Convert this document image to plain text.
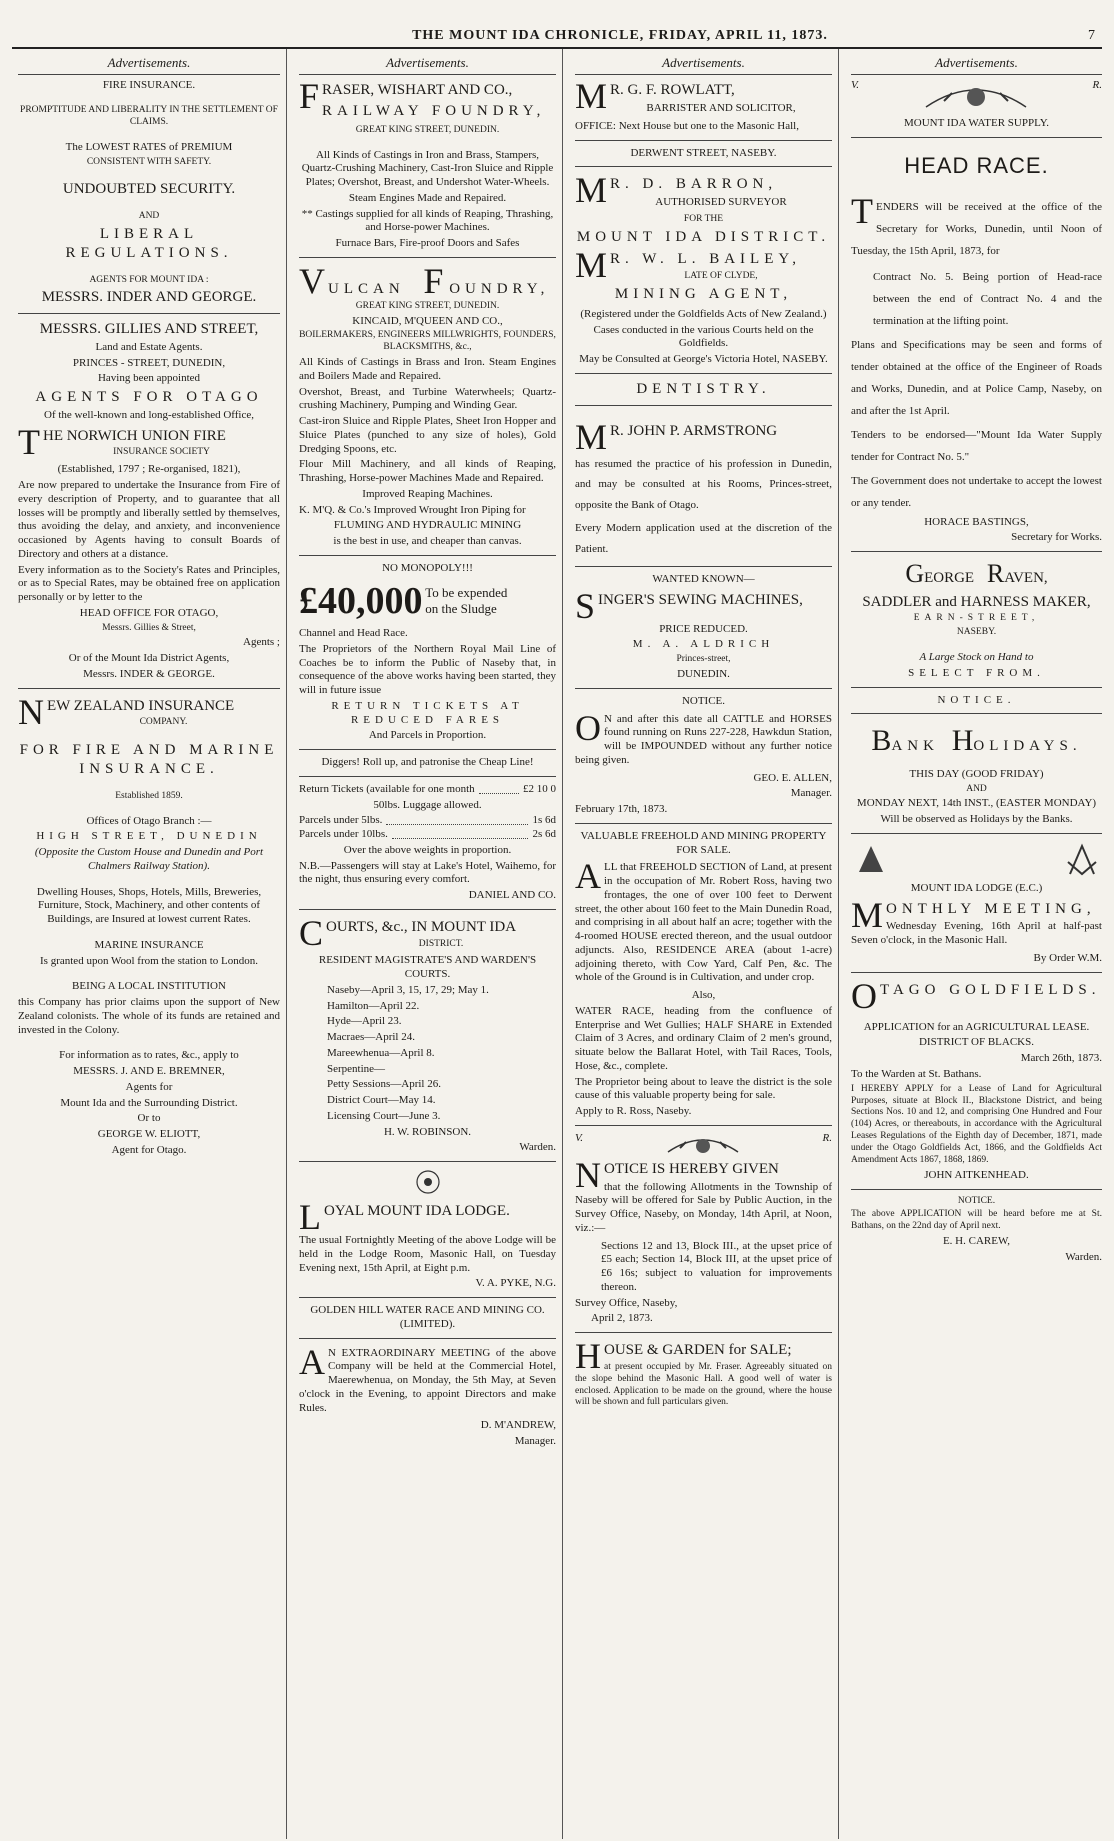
THE MOUNT IDA CHRONICLE, FRIDAY, APRIL 11, 1873.	7
Advertisements.

FIRE INSURANCE.

PROMPTITUDE AND LIBERALITY IN THE SETTLEMENT OF CLAIMS.

The LOWEST RATES of PREMIUM

CONSISTENT WITH SAFETY.

UNDOUBTED SECURITY.

AND

LIBERAL REGULATIONS.

AGENTS FOR MOUNT IDA :

MESSRS. INDER AND GEORGE.

MESSRS. GILLIES AND STREET,

Land and Estate Agents.

PRINCES - STREET, DUNEDIN,

Having been appointed

AGENTS FOR OTAGO

Of the well-known and long-established Office,

T HE NORWICH UNION FIRE

INSURANCE SOCIETY

(Established, 1797 ; Re-organised, 1821),

Are now prepared to undertake the Insurance from Fire of every description of Property, and to guarantee that all losses will be promptly and liberally settled by themselves, thus avoiding the delay, and anxiety, and inconvenience occasioned by Agents having to consult Boards of Directory and others at a distance.

Every information as to the Society's Rates and Principles, or as to Special Rates, may be obtained free on application personally or by letter to the

HEAD OFFICE FOR OTAGO,

Messrs. Gillies & Street,

Agents ;

Or of the Mount Ida District Agents,

Messrs. INDER & GEORGE.

N EW ZEALAND INSURANCE

COMPANY.

FOR FIRE AND MARINE INSURANCE.

Established 1859.

Offices of Otago Branch :—

HIGH STREET, DUNEDIN

(Opposite the Custom House and Dunedin and Port Chalmers Railway Station).

Dwelling Houses, Shops, Hotels, Mills, Breweries, Furniture, Stock, Machinery, and other contents of Buildings, are Insured at lowest current Rates.

MARINE INSURANCE

Is granted upon Wool from the station to London.

BEING A LOCAL INSTITUTION

this Company has prior claims upon the support of New Zealand colonists. The whole of its funds are retained and invested in the Colony.

For information as to rates, &c., apply to

MESSRS. J. AND E. BREMNER,

Agents for

Mount Ida and the Surrounding District.

Or to

GEORGE W. ELIOTT,

Agent for Otago.

Advertisements.
F RASER, WISHART AND CO.,

RAILWAY FOUNDRY,

GREAT KING STREET, DUNEDIN.

All Kinds of Castings in Iron and Brass, Stampers, Quartz-Crushing Machinery, Cast-Iron Sluice and Ripple Plates; Overshot, Breast, and Undershot Water-Wheels.

Steam Engines Made and Repaired.

** Castings supplied for all kinds of Reaping, Thrashing, and Horse-power Machines.

Furnace Bars, Fire-proof Doors and Safes

V ULCAN F OUNDRY,

GREAT KING STREET, DUNEDIN.

KINCAID, M'QUEEN AND CO.,

BOILERMAKERS, ENGINEERS MILLWRIGHTS, FOUNDERS, BLACKSMITHS, &c.,

All Kinds of Castings in Brass and Iron. Steam Engines and Boilers Made and Repaired.

Overshot, Breast, and Turbine Waterwheels; Quartz-crushing Machinery, Pumping and Winding Gear.

Cast-iron Sluice and Ripple Plates, Sheet Iron Hopper and Sluice Plates (punched to any size of holes), Gold Dredging Spoons, etc.

Flour Mill Machinery, and all kinds of Reaping, Thrashing, Horse-power Machines Made and Repaired.

Improved Reaping Machines.

K. M'Q. & Co.'s Improved Wrought Iron Piping for

FLUMING AND HYDRAULIC MINING

is the best in use, and cheaper than canvas.

NO MONOPOLY!!!

£40,000 To be expended on the Sludge

Channel and Head Race.

The Proprietors of the Northern Royal Mail Line of Coaches be to inform the Public of Naseby that, in consequence of the above works having been started, they will in future issue

RETURN TICKETS AT REDUCED FARES

And Parcels in Proportion.

Diggers! Roll up, and patronise the Cheap Line!

Return Tickets (available for one month	£2 10 0

50lbs. Luggage allowed.

Parcels under 5lbs.	1s 6d
Parcels under 10lbs.	2s 6d

Over the above weights in proportion.

N.B.—Passengers will stay at Lake's Hotel, Waihemo, for the night, thus ensuring every comfort.

DANIEL AND CO.

C OURTS, &c., IN MOUNT IDA

DISTRICT.

RESIDENT MAGISTRATE'S AND WARDEN'S COURTS.

Naseby—April 3, 15, 17, 29; May 1.

Hamilton—April 22.

Hyde—April 23.

Macraes—April 24.

Mareewhenua—April 8.

Serpentine—

Petty Sessions—April 26.

District Court—May 14.

Licensing Court—June 3.

H. W. ROBINSON.

Warden.

L OYAL MOUNT IDA LODGE.

The usual Fortnightly Meeting of the above Lodge will be held in the Lodge Room, Masonic Hall, on Tuesday Evening next, 15th April, at Eight p.m.

V. A. PYKE, N.G.

GOLDEN HILL WATER RACE AND MINING CO. (LIMITED).

A N EXTRAORDINARY MEETING of the above Company will be held at the Commercial Hotel, Maerewhenua, on Monday, the 5th May, at Seven o'clock in the Evening, to appoint Directors and make Rules.

D. M'ANDREW,

Manager.

Advertisements.
M R. G. F. ROWLATT,

BARRISTER AND SOLICITOR,

OFFICE: Next House but one to the Masonic Hall,

DERWENT STREET, NASEBY.

M R. D. BARRON,

AUTHORISED SURVEYOR

FOR THE

MOUNT IDA DISTRICT.

M R. W. L. BAILEY,

LATE OF CLYDE,

MINING AGENT,

(Registered under the Goldfields Acts of New Zealand.)

Cases conducted in the various Courts held on the Goldfields.

May be Consulted at George's Victoria Hotel, NASEBY.

DENTISTRY.

M R. JOHN P. ARMSTRONG

has resumed the practice of his profession in Dunedin, and may be consulted at his Rooms, Princes-street, opposite the Bank of Otago.

Every Modern application used at the discretion of the Patient.

WANTED KNOWN—

S INGER'S SEWING MACHINES,

PRICE REDUCED.

M. A. ALDRICH

Princes-street,

DUNEDIN.

NOTICE.

O N and after this date all CATTLE and HORSES found running on Runs 227-228, Hawkdun Station, will be IMPOUNDED without any further notice being given.

GEO. E. ALLEN,

Manager.

February 17th, 1873.

VALUABLE FREEHOLD AND MINING PROPERTY FOR SALE.

A LL that FREEHOLD SECTION of Land, at present in the occupation of Mr. Robert Ross, having two frontages, the one of over 100 feet to Derwent street, the other about 160 feet to the Main Dunedin Road, and comprising in all about half an acre; together with the 4-roomed HOUSE erected thereon, and the usual outdoor adjuncts. Also, RESIDENCE AREA (about 1-acre) adjoining thereto, with Cow Yard, Calf Pen, &c. The whole of the Ground is in Cultivation, and under crop.

Also,

WATER RACE, heading from the confluence of Enterprise and Wet Gullies; HALF SHARE in Extended Claim of 3 Acres, and ordinary Claim of 2 men's ground, situate below the Ballarat Hotel, with Tail Races, Tools, Hose, &c., complete.

The Proprietor being about to leave the district is the sole cause of this valuable property being for sale.

Apply to R. Ross, Naseby.

V.	R.
N OTICE IS HEREBY GIVEN

that the following Allotments in the Township of Naseby will be offered for Sale by Public Auction, in the Survey Office, Naseby, on Monday, 14th April, at Noon, viz.:—

Sections 12 and 13, Block III., at the upset price of £5 each; Section 14, Block III, at the upset price of £6 16s; subject to valuation for improvements thereon.

Survey Office, Naseby,

April 2, 1873.

H OUSE & GARDEN for SALE;

at present occupied by Mr. Fraser. Agreeably situated on the slope behind the Masonic Hall. A good well of water is enclosed. Application to be made on the ground, where the house will be shown and full particulars given.

Advertisements.
V.	R.

MOUNT IDA WATER SUPPLY.

HEAD RACE.
T ENDERS will be received at the office of the Secretary for Works, Dunedin, until Noon of Tuesday, the 15th April, 1873, for

Contract No. 5. Being portion of Head-race between the end of Contract No. 4 and the termination at the lifting point.

Plans and Specifications may be seen and forms of tender obtained at the office of the Engineer of Roads and Works, Dunedin, and at Police Camp, Naseby, on and after the 1st April.

Tenders to be endorsed—"Mount Ida Water Supply tender for Contract No. 5."

The Government does not undertake to accept the lowest or any tender.

HORACE BASTINGS,

Secretary for Works.

GEORGE RAVEN,

SADDLER and HARNESS MAKER,

EARN-STREET,

NASEBY.

A Large Stock on Hand to

SELECT FROM.

NOTICE.

BANK HOLIDAYS.

THIS DAY (GOOD FRIDAY)

AND

MONDAY NEXT, 14th INST., (EASTER MONDAY)

Will be observed as Holidays by the Banks.

MOUNT IDA LODGE (E.C.)

M ONTHLY MEETING,

Wednesday Evening, 16th April at half-past Seven o'clock, in the Masonic Hall.

By Order W.M.

O TAGO GOLDFIELDS.

APPLICATION for an AGRICULTURAL LEASE.

DISTRICT OF BLACKS.

March 26th, 1873.

To the Warden at St. Bathans.

I HEREBY APPLY for a Lease of Land for Agricultural Purposes, situate at Block II., Blackstone District, and being Sections Nos. 10 and 12, and comprising One Hundred and Four (104) Acres, or thereabouts, in accordance with the Agricultural Leases Regulations of the Eighth day of December, 1871, made under the Otago Goldfields Act, 1866, and the Goldfields Act Amendment Acts 1867, 1868, 1869.

JOHN AITKENHEAD.

NOTICE.

The above APPLICATION will be heard before me at St. Bathans, on the 22nd day of April next.

E. H. CAREW,

Warden.
